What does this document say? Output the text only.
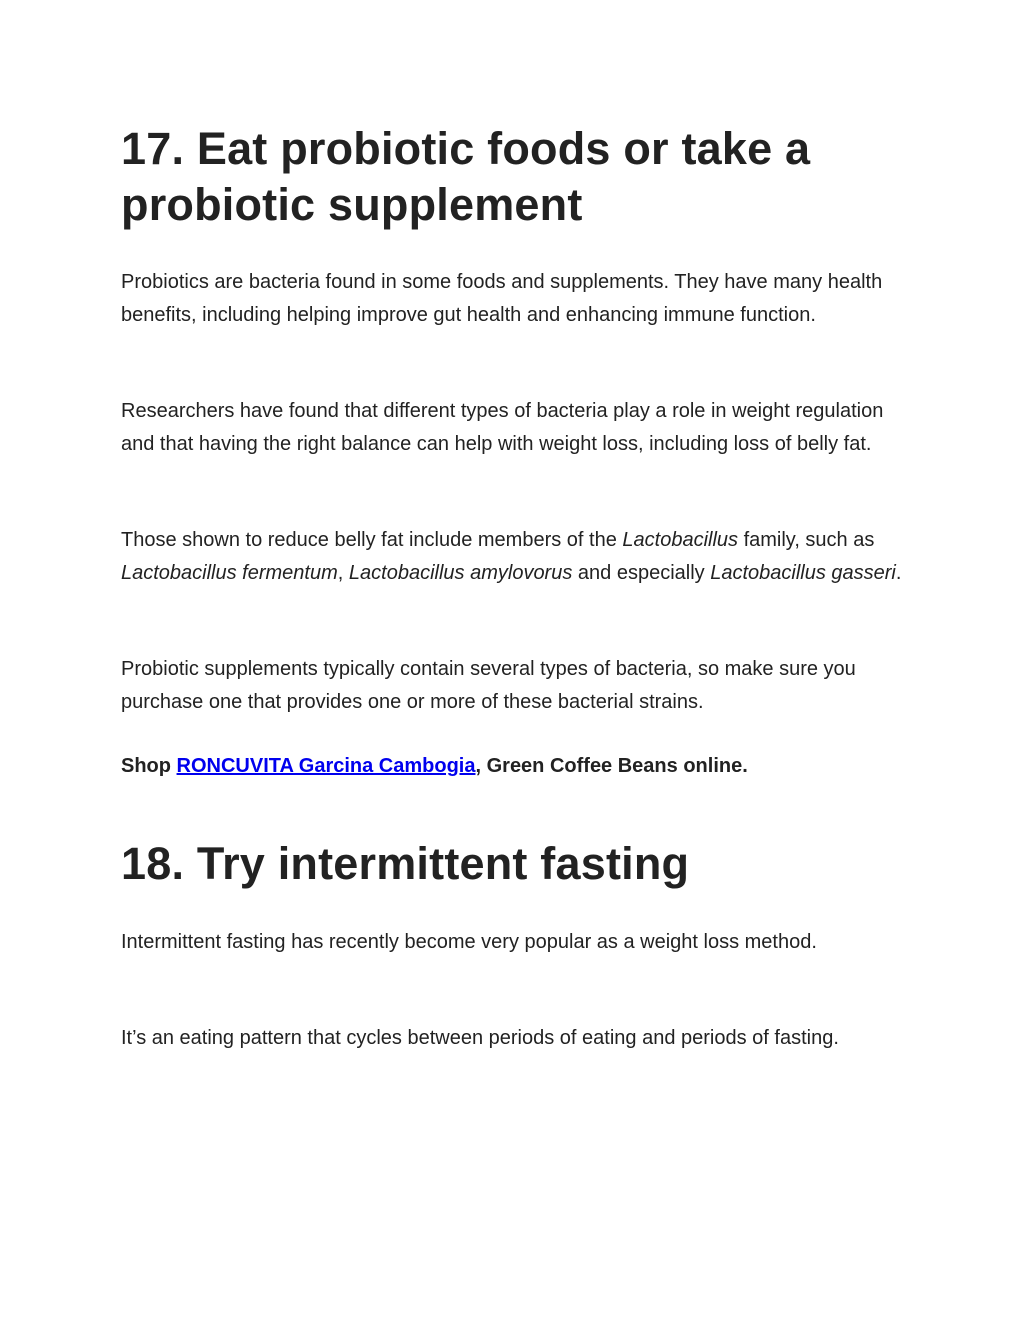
17. Eat probiotic foods or take a probiotic supplement

Probiotics are bacteria found in some foods and supplements. They have many health benefits, including helping improve gut health and enhancing immune function.

Researchers have found that different types of bacteria play a role in weight regulation and that having the right balance can help with weight loss, including loss of belly fat.

Those shown to reduce belly fat include members of the Lactobacillus family, such as Lactobacillus fermentum, Lactobacillus amylovorus and especially Lactobacillus gasseri.

Probiotic supplements typically contain several types of bacteria, so make sure you purchase one that provides one or more of these bacterial strains.

Shop RONCUVITA Garcina Cambogia, Green Coffee Beans online.

18. Try intermittent fasting

Intermittent fasting has recently become very popular as a weight loss method.

It’s an eating pattern that cycles between periods of eating and periods of fasting.
